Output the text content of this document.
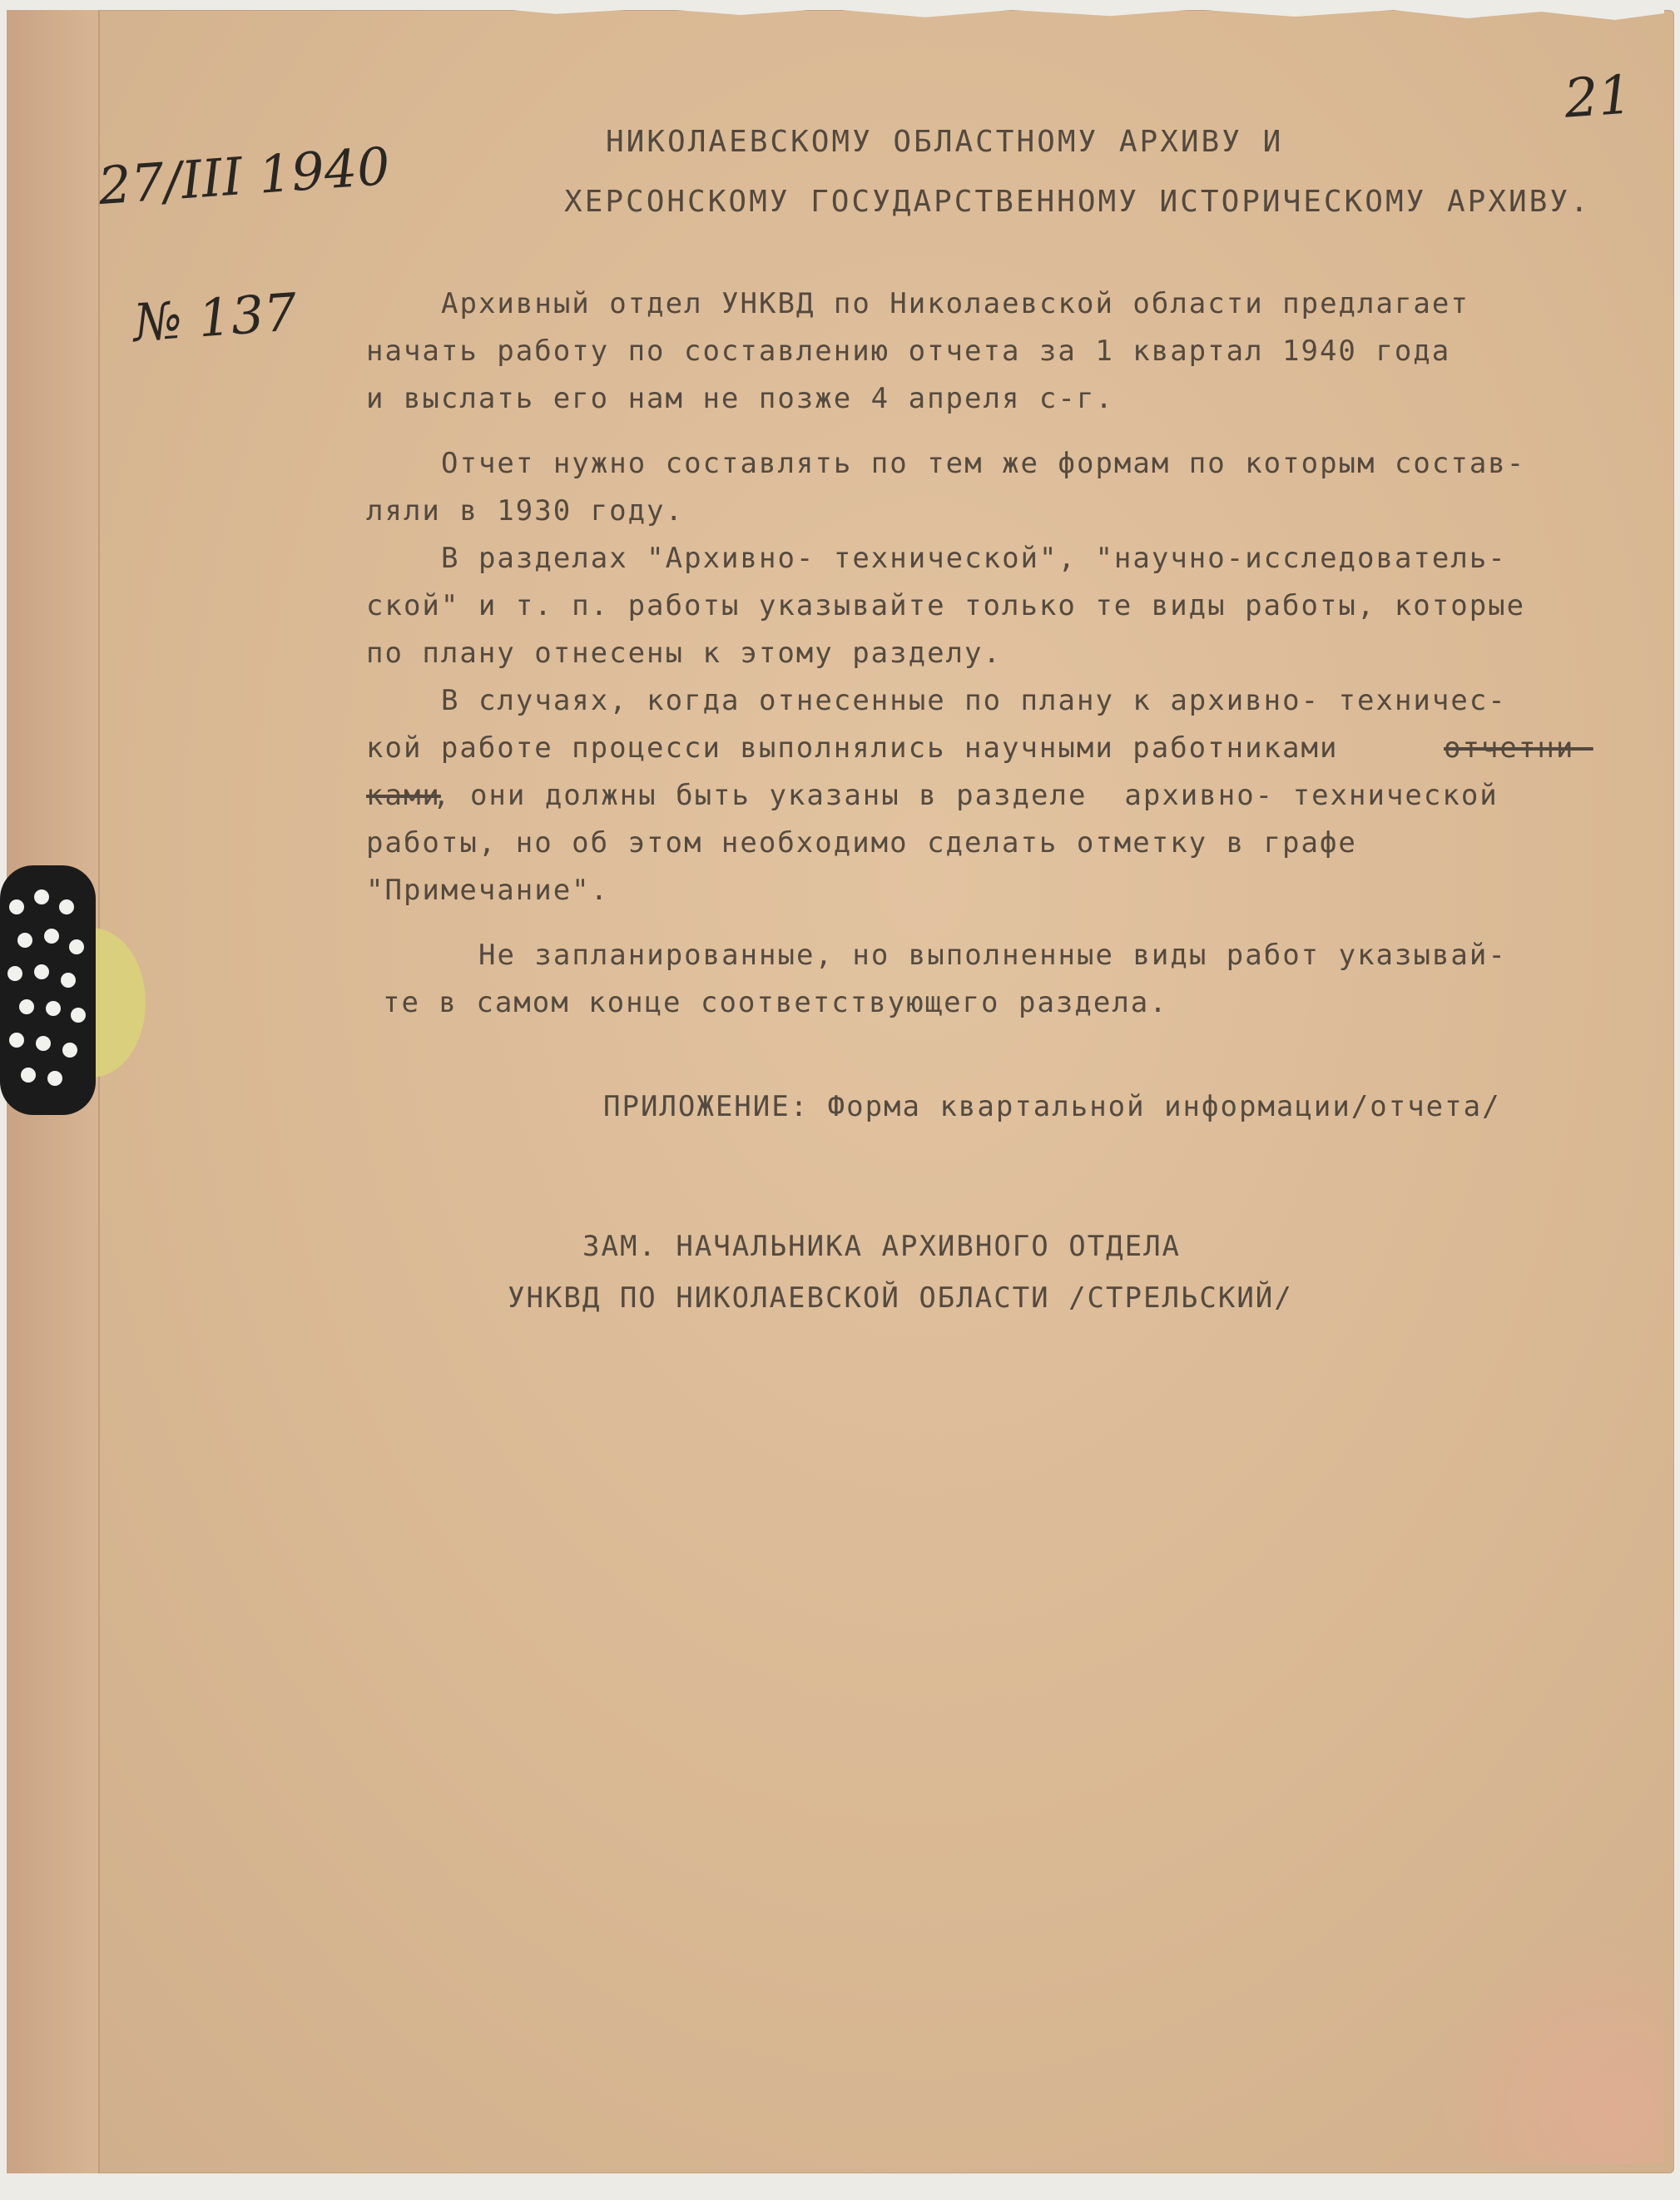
21
27/III 1940
№ 137
НИКОЛАЕВСКОМУ ОБЛАСТНОМУ АРХИВУ И
ХЕРСОНСКОМУ ГОСУДАРСТВЕННОМУ ИСТОРИЧЕСКОМУ АРХИВУ.
Архивный отдел УНКВД по Николаевской области предлагает
начать работу по составлению отчета за 1 квартал 1940 года
и выслать его нам не позже 4 апреля с-г.
Отчет нужно составлять по тем же формам по которым состав-
ляли в 1930 году.
В разделах "Архивно- технической", "научно-исследователь-
ской" и т. п. работы указывайте только те виды работы, которые
по плану отнесены к этому разделу.
В случаях, когда отнесенные по плану к архивно- техничес-
кой работе процесси выполнялись научными работниками	отчетни-
ками
, они должны быть указаны в разделе  архивно- технической
работы, но об этом необходимо сделать отметку в графе
"Примечание".
Не запланированные, но выполненные виды работ указывай-
те в самом конце соответствующего раздела.
ПРИЛОЖЕНИЕ: Форма квартальной информации/отчета/
ЗАМ. НАЧАЛЬНИКА АРХИВНОГО ОТДЕЛА
УНКВД ПО НИКОЛАЕВСКОЙ ОБЛАСТИ /СТРЕЛЬСКИЙ/
